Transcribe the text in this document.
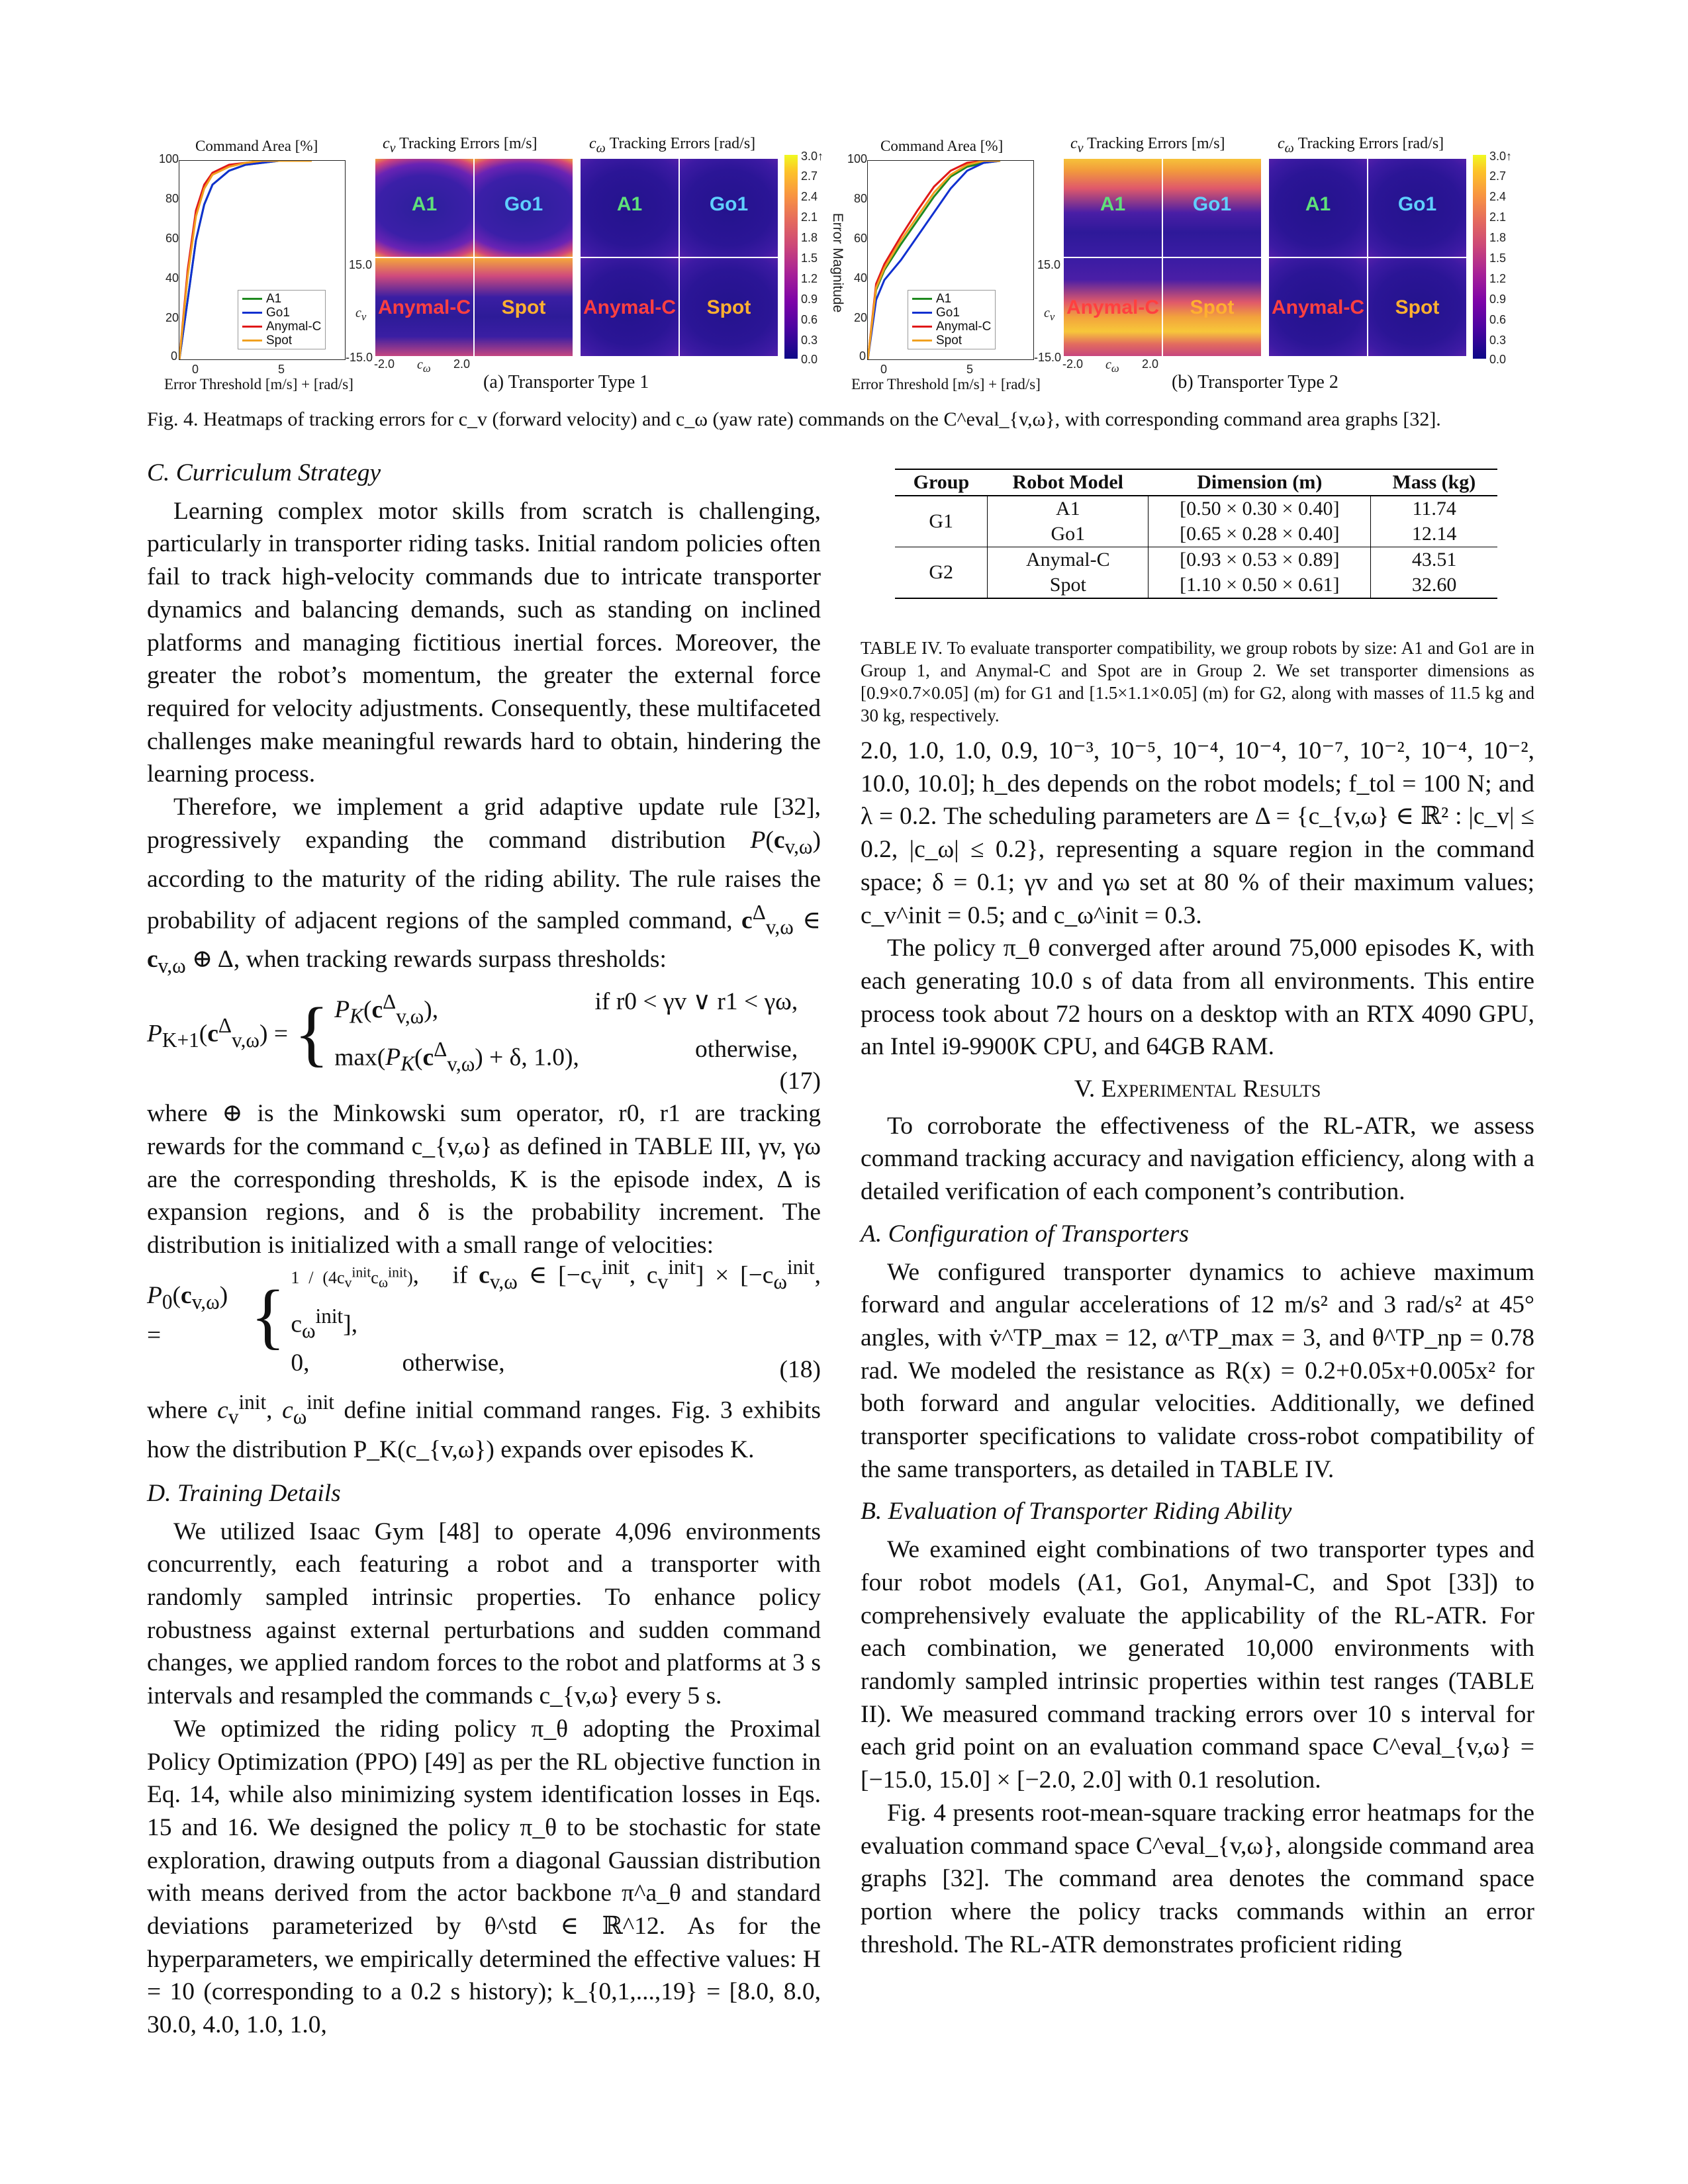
Command Area [%]
A1
Go1
Anymal-C
Spot
100
80
60
40
20
0
0	5
Error Threshold [m/s] + [rad/s]
$c_v$ Tracking Errors [m/s]	$c_\omega$ Tracking Errors [rad/s]
A1	Go1
Anymal-C	Spot
A1	Go1
Anymal-C	Spot
15.0
$c_v$
-15.0 -2.0 $c_\omega$ 2.0
(a) Transporter Type 1
3.0↑
2.7
2.4
2.1
1.8
1.5
1.2
0.9
0.6
0.3
0.0
Error Magnitude
Command Area [%]
A1
Go1
Anymal-C
Spot
100
80
60
40
20
0
0	5
Error Threshold [m/s] + [rad/s]
$c_v$ Tracking Errors [m/s]	$c_\omega$ Tracking Errors [rad/s]
A1	Go1
Anymal-C	Spot
A1	Go1
Anymal-C	Spot
15.0
$c_v$
-15.0 -2.0 $c_\omega$ 2.0
(b) Transporter Type 2
3.0↑
2.7
2.4
2.1
1.8
1.5
1.2
0.9
0.6
0.3
0.0
Fig. 4. Heatmaps of tracking errors for c_v (forward velocity) and c_ω (yaw rate) commands on the C^eval_{v,ω}, with corresponding command area graphs [32].

C. Curriculum Strategy

Learning complex motor skills from scratch is challenging, particularly in transporter riding tasks. Initial random policies often fail to track high-velocity commands due to intricate transporter dynamics and balancing demands, such as standing on inclined platforms and managing fictitious inertial forces. Moreover, the greater the robot’s momentum, the greater the external force required for velocity adjustments. Consequently, these multifaceted challenges make meaningful rewards hard to obtain, hindering the learning process.

Therefore, we implement a grid adaptive update rule [32], progressively expanding the command distribution $P(c_{v,\omega})$ according to the maturity of the riding ability. The rule raises the probability of adjacent regions of the sampled command, $c^\Delta_{v,\omega}$ ∈ $c_{v,\omega}$ ⊕ Δ, when tracking rewards surpass thresholds:

$P_{K+1}(c^\Delta_{v,\omega})$ = { $P_K(c^\Delta_{v,\omega})$,	if r0 < γv ∨ r1 < γω,
$\max(P_K(c^\Delta_{v,\omega}) + \delta$, 1.0),	otherwise,
(17)

where ⊕ is the Minkowski sum operator, r0, r1 are tracking rewards for the command c_{v,ω} as defined in TABLE III, γv, γω are the corresponding thresholds, K is the episode index, Δ is expansion regions, and δ is the probability increment. The distribution is initialized with a small range of velocities:

$P_0(c_{v,\omega})$ =	{ $1 / (4c_v^{init}c_\omega^{init})$,   if $c_{v,\omega}$ ∈ [$-c_v^{init}$, $c_v^{init}] \times [-c_\omega^{init}$, $c_\omega^{init}$],
0,	otherwise,	(18)

where $c_v^{init}$, $c_\omega^{init}$ define initial command ranges. Fig. 3 exhibits how the distribution P_K(c_{v,ω}) expands over episodes K.

D. Training Details

We utilized Isaac Gym [48] to operate 4,096 environments concurrently, each featuring a robot and a transporter with randomly sampled intrinsic properties. To enhance policy robustness against external perturbations and sudden command changes, we applied random forces to the robot and platforms at 3 s intervals and resampled the commands c_{v,ω} every 5 s.

We optimized the riding policy π_θ adopting the Proximal Policy Optimization (PPO) [49] as per the RL objective function in Eq. 14, while also minimizing system identification losses in Eqs. 15 and 16. We designed the policy π_θ to be stochastic for state exploration, drawing outputs from a diagonal Gaussian distribution with means derived from the actor backbone π^a_θ and standard deviations parameterized by θ^std ∈ ℝ^12. As for the hyperparameters, we empirically determined the effective values: H = 10 (corresponding to a 0.2 s history); k_{0,1,...,19} = [8.0, 8.0, 30.0, 4.0, 1.0, 1.0,

Group	Robot Model	Dimension (m)	Mass (kg)
G1	A1	[0.50 × 0.30 × 0.40]	11.74
	Go1	[0.65 × 0.28 × 0.40]	12.14
G2	Anymal-C	[0.93 × 0.53 × 0.89]	43.51
	Spot	[1.10 × 0.50 × 0.61]	32.60
TABLE IV. To evaluate transporter compatibility, we group robots by size: A1 and Go1 are in Group 1, and Anymal-C and Spot are in Group 2. We set transporter dimensions as [0.9×0.7×0.05] (m) for G1 and [1.5×1.1×0.05] (m) for G2, along with masses of 11.5 kg and 30 kg, respectively.

2.0, 1.0, 1.0, 0.9, 10⁻³, 10⁻⁵, 10⁻⁴, 10⁻⁴, 10⁻⁷, 10⁻², 10⁻⁴, 10⁻², 10.0, 10.0]; h_des depends on the robot models; f_tol = 100 N; and λ = 0.2. The scheduling parameters are Δ = {c_{v,ω} ∈ ℝ² : |c_v| ≤ 0.2, |c_ω| ≤ 0.2}, representing a square region in the command space; δ = 0.1; γv and γω set at 80 % of their maximum values; c_v^init = 0.5; and c_ω^init = 0.3.

The policy π_θ converged after around 75,000 episodes K, with each generating 10.0 s of data from all environments. This entire process took about 72 hours on a desktop with an RTX 4090 GPU, an Intel i9-9900K CPU, and 64GB RAM.

V. Experimental Results

To corroborate the effectiveness of the RL-ATR, we assess command tracking accuracy and navigation efficiency, along with a detailed verification of each component’s contribution.

A. Configuration of Transporters

We configured transporter dynamics to achieve maximum forward and angular accelerations of 12 m/s² and 3 rad/s² at 45° angles, with v̇^TP_max = 12, α^TP_max = 3, and θ^TP_np = 0.78 rad. We modeled the resistance as R(x) = 0.2+0.05x+0.005x² for both forward and angular velocities. Additionally, we defined transporter specifications to validate cross-robot compatibility of the same transporters, as detailed in TABLE IV.

B. Evaluation of Transporter Riding Ability

We examined eight combinations of two transporter types and four robot models (A1, Go1, Anymal-C, and Spot [33]) to comprehensively evaluate the applicability of the RL-ATR. For each combination, we generated 10,000 environments with randomly sampled intrinsic properties within test ranges (TABLE II). We measured command tracking errors over 10 s interval for each grid point on an evaluation command space C^eval_{v,ω} = [−15.0, 15.0] × [−2.0, 2.0] with 0.1 resolution.

Fig. 4 presents root-mean-square tracking error heatmaps for the evaluation command space C^eval_{v,ω}, alongside command area graphs [32]. The command area denotes the command space portion where the policy tracks commands within an error threshold. The RL-ATR demonstrates proficient riding
